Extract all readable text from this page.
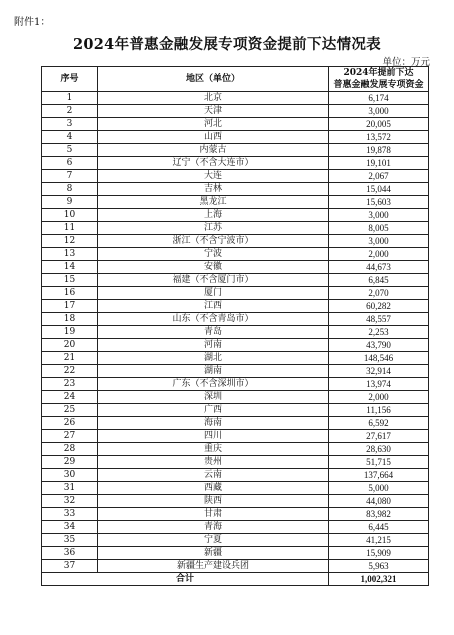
附件1：
2024年普惠金融发展专项资金提前下达情况表
单位：万元
序号	地区（单位）	2024年提前下达
普惠金融发展专项资金

1	北京	6,174
2	天津	3,000
3	河北	20,005
4	山西	13,572
5	内蒙古	19,878
6	辽宁（不含大连市）	19,101
7	大连	2,067
8	吉林	15,044
9	黑龙江	15,603
10	上海	3,000
11	江苏	8,005
12	浙江（不含宁波市）	3,000
13	宁波	2,000
14	安徽	44,673
15	福建（不含厦门市）	6,845
16	厦门	2,070
17	江西	60,282
18	山东（不含青岛市）	48,557
19	青岛	2,253
20	河南	43,790
21	湖北	148,546
22	湖南	32,914
23	广东（不含深圳市）	13,974
24	深圳	2,000
25	广西	11,156
26	海南	6,592
27	四川	27,617
28	重庆	28,630
29	贵州	51,715
30	云南	137,664
31	西藏	5,000
32	陕西	44,080
33	甘肃	83,982
34	青海	6,445
35	宁夏	41,215
36	新疆	15,909
37	新疆生产建设兵团	5,963
合计		1,002,321
